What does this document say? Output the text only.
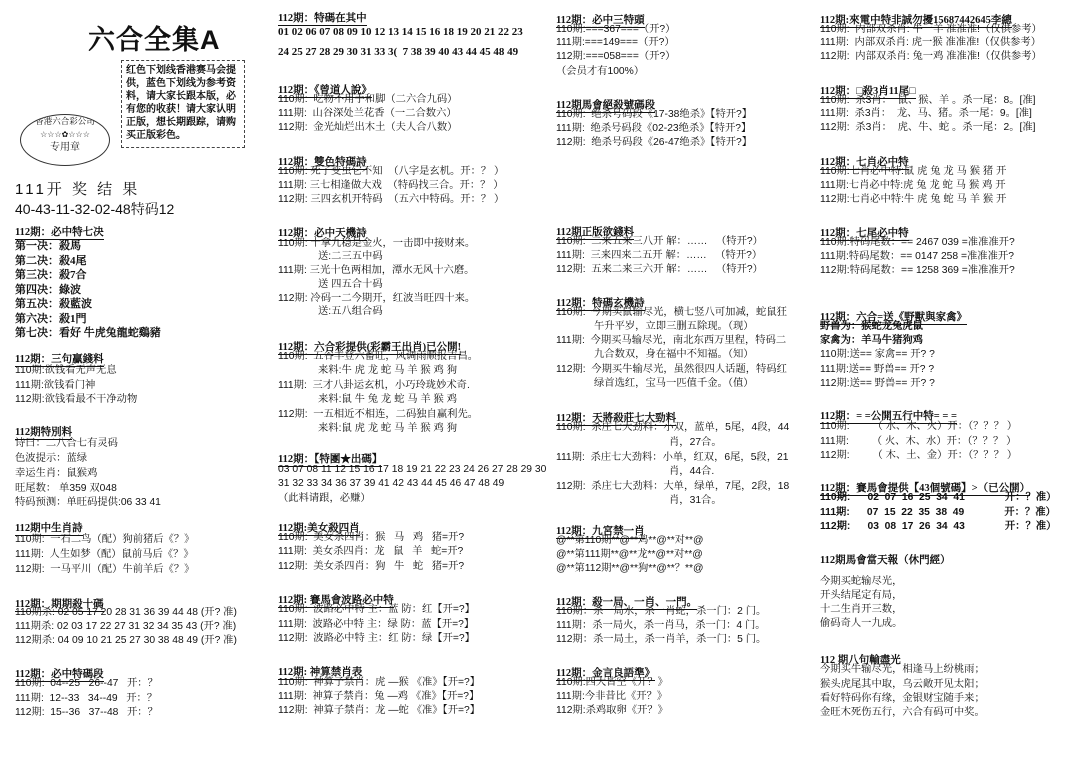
六合全集A
红色下划线香港赛马会提供，蓝色下划线为参考资料，请大家长跟本版，必有您的收获！请大家认明正版，想长期跟踪，请购买正版彩色。
香港六合彩公司
☆☆☆✿☆☆☆
专用章
111开 奖 结 果
40-43-11-32-02-48特码12
112期：必中特七决
第一决：殺馬
第二决：殺4尾
第三决：殺7合
第四决：綠波
第五决：殺藍波
第六决：殺1門
第七决：看好 牛虎兔龍蛇鷄豬
112期：三句贏錢料
110期:欲钱看无声无息
111期:欲钱看门神
112期:欲钱看最不干净动物
112期特別料
诗曰：二八合七有灵码
色波提示：蓝绿
幸运生肖：鼠猴鸡
旺尾数： 单359 双048
特码预测：单旺码提供:06 33 41
112期中生肖詩
110期:  一石二鸟（配）狗前猪后《？》
111期:  人生如梦（配）鼠前马后《？》
112期:  一马平川（配）牛前羊后《？》
112期：期期殺十碼
110期杀: 02 05 17 20 28 31 36 39 44 48 (开? 准)
111期杀: 02 03 17 22 27 31 32 34 35 43 (开? 准)
112期杀: 04 09 10 21 25 27 30 38 48 49 (开? 准)
112期：必中特碼段
110期:  04--25   26--47   开：？
111期:  12--33   34--49   开：？
112期:  15--36   37--48   开：？
112期：特碼在其中
01 02 06 07 08 09 10 12 13 14 15 16 18 19 20 21 22 23
24 25 27 28 29 30 31 33 3(  7 38 39 40 43 44 45 48 49
112期：《曾道人說》
110期:  吃物不用手和脚（二六合九码）
111期:  山谷深处兰花香（一二合数六）
112期:  金光灿烂出木土（夫人合八数）
112期：雙色特碼詩
110期: 死了变虫它不知  （八字是玄机。开：？ ）
111期: 三七相逢做大戏  （特码找三合。开：？ ）
112期: 三四玄机开特码  （五六中特码。开：？ ）
112期：必中天機詩
110期: 十拿九稳是金火，一击即中接财来。
送:二三五中码
111期: 三光十色两相加，潭水无风十六磨。
送 四五合十码
112期: 冷码一二今期开，红波当旺四十来。
送:五八组合码
112期：六合彩提供(彩霸王出肖)已公開!
110期:  五谷丰登六畜旺，风调雨顺报吉昌。
来料:牛 虎 龙 蛇 马 羊 猴 鸡 狗
111期:  三才八卦运玄机，小巧玲珑妙术奇.
来料:鼠 牛 兔 龙 蛇 马 羊 猴 鸡
112期:  一五相近不相连，二码独自赢利先。
来料:鼠 虎 龙 蛇 马 羊 猴 鸡 狗
112期：【特團★出碼】
03 07 08 11 12 15 16 17 18 19 21 22 23 24 26 27 28 29 30
31 32 33 34 36 37 39 41 42 43 44 45 46 47 48 49
（此料请跟，必赚）
112期:美女殺四肖
110期:  美女杀四肖：猴   马   鸡   猪=开?
111期:  美女杀四肖：龙   鼠   羊   蛇=开?
112期:  美女杀四肖：狗   牛   蛇   猪=开?
112期: 賽馬會波路必中特
110期:  波路必中特 主：蓝 防：红【开=?】
111期:  波路必中特 主：绿 防：蓝【开=?】
112期:  波路必中特 主：红 防：绿【开=?】
112期: 神算禁肖表
110期:  神算子禁肖：虎 —猴 《准》【开=?】
111期:  神算子禁肖：兔 —鸡 《准》【开=?】
112期:  神算子禁肖：龙 —蛇 《准》【开=?】
112期：必中三特頭
110期:===367===（开?）
111期:===149===（开?）
112期:===058===（开?）
（会员才有100%）
112期馬會絕殺號碼段
110期:  绝杀号码段《17-38绝杀》【特开?】
111期:  绝杀号码段《02-23绝杀》【特开?】
112期:  绝杀号码段《26-47绝杀》【特开?】
112期正版欲錢料
110期:  二来五来三八开 解：……   （特开?）
111期:  三来四来二五开 解：……   （特开?）
112期:  五来二来三六开 解：……   （特开?）
112期：特碼玄機詩
110期:  今期买鼠输尽光，横七竖八可加减，蛇鼠狂
午升平岁，立即三删五除现。（现）
111期:  今期买马输尽光，南北东西万里程，特码二
九合数双，身在福中不知福。（知）
112期:  今期买牛输尽光，虽然很四人话题，特码红
绿首选红，宝马一匹值千金。（值）
112期：天將殺莊七大勁料
110期:  杀庄七大劲料：小双，蓝单，5尾，4段，44
肖，27合。
111期:  杀庄七大劲料：小单，红双，6尾，5段，21
肖，44合.
112期:  杀庄七大劲料：大单，绿单，7尾，2段，18
肖，31合。
112期：九宮禁一肖
@**第110期**@**鸡**@**对**@
@**第111期**@**龙**@**对**@
@**第112期**@**狗**@**？**@
112期：殺一局、一肖、一門。
110期：杀一局水，杀一肖蛇，杀一门：2 门。
111期：杀一局火，杀一肖马，杀一门：4 门。
112期：杀一局土，杀一肖羊，杀一门：5 门。
112期：金言良語準》
110期:四大皆空《开？》
111期:今非昔比《开？》
112期:杀鸡取卵《开？》
112期:來電中特非誠勿擾15687442645李總
110期:  内部双杀肖: 牛一羊 准准准!（仅供参考）
111期:  内部双杀肖: 虎一猴 准准准!（仅供参考）
112期:  内部双杀肖: 兔一鸡 准准准!（仅供参考）
112期：□殺3肖11尾□
110期:  杀3肖：  鼠、猴、羊 。杀一尾：8。[准]
111期:  杀3肖：  龙、马、猪。杀一尾：9。[准]
112期:  杀3肖：  虎、牛、蛇 。杀一尾：2。[准]
112期：七肖必中特
110期:七肖必中特:鼠 虎 兔 龙 马 猴 猪 开
111期:七肖必中特:虎 兔 龙 蛇 马 猴 鸡 开
112期:七肖必中特:牛 虎 兔 蛇 马 羊 猴 开
112期：七尾必中特
110期:特码尾数：== 2467 039 =准准准开?
111期:特码尾数：== 0147 258 =准准准开?
112期:特码尾数：== 1258 369 =准准准开?
112期：六合=送《野獸與家禽》
野兽为：猴蛇龙兔虎鼠
家禽为：羊马牛猪狗鸡
110期:送== 家禽== 开? ?
111期:送== 野兽== 开? ?
112期:送== 野兽== 开? ?
112期：= =公開五行中特= = =
110期:        （ 水、木、火）开：（？？？ ）
111期:        （ 火、木、水）开：（？？？ ）
112期:        （ 木、土、金）开：（？？？ ）
112期：賽馬會提供【43個號碼】>（已公開）
110期:      02  07  16  25  34  41              开：？准）
111期:      07  15  22  35  38  49              开：？准）
112期:      03  08  17  26  34  43              开：？准）
112期馬會當天報（休門經）
今期买蛇输尽光，
开头结尾定有局，
十二生肖开三数，
偷码奇人一九成。
112 期八句輸盡光
今期买牛输尽光，相逢马上纷桃雨；
猴头虎尾其中取，乌云敞开见太阳；
看好特码你有缘，金银财宝随手来；
金旺木死伤五行，六合有码可中奖。
